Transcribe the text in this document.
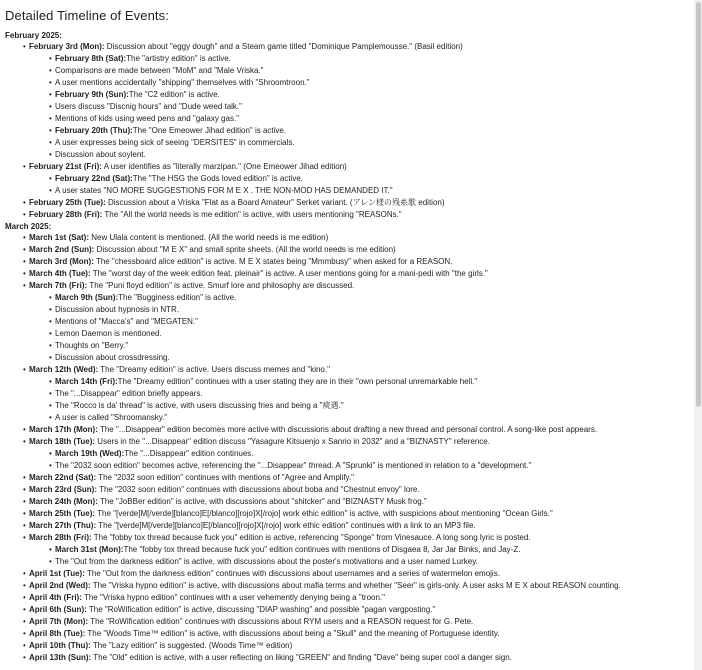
Detailed Timeline of Events:
February 2025:
• February 3rd (Mon): Discussion about "eggy dough" and a Steam game titled "Dominique Pamplemousse." (Basil edition)
• February 8th (Sat):The "artistry edition" is active.
• Comparisons are made between "MoM" and "Male Vriska."
• A user mentions accidentally "shipping" themselves with "Shroomtroon."
• February 9th (Sun):The "C2 edition" is active.
• Users discuss "Discnig hours" and "Dude weed talk."
• Mentions of kids using weed pens and "galaxy gas."
• February 20th (Thu):The "One Emeower Jihad edition" is active.
• A user expresses being sick of seeing "DERSITES" in commercials.
• Discussion about soylent.
• February 21st (Fri): A user identifies as "literally marzipan." (One Emeower Jihad edition)
• February 22nd (Sat):The "The HSG the Gods loved edition" is active.
• A user states "NO MORE SUGGESTIONS FOR M E X . THE NON-MOD HAS DEMANDED IT."
• February 25th (Tue): Discussion about a Vriska "Flat as a Board Amateur" Serket variant. (アレン様の残糸歌 edition)
• February 28th (Fri): The "All the world needs is me edition" is active, with users mentioning "REASONs."
March 2025:
• March 1st (Sat): New Ulala content is mentioned. (All the world needs is me edition)
• March 2nd (Sun): Discussion about "M E X" and small sprite sheets. (All the world needs is me edition)
• March 3rd (Mon): The "chessboard alice edition" is active. M E X states being "Mmmbusy" when asked for a REASON.
• March 4th (Tue): The "worst day of the week edition feat. pleinair" is active. A user mentions going for a mani-pedi with "the girls."
• March 7th (Fri): The "Puni floyd edition" is active. Smurf lore and philosophy are discussed.
• March 9th (Sun):The "Bugginess edition" is active.
• Discussion about hypnosis in NTR.
• Mentions of "Macca's" and "MEGATEN."
• Lemon Daemon is mentioned.
• Thoughts on "Berry."
• Discussion about crossdressing.
• March 12th (Wed): The "Dreamy edition" is active. Users discuss memes and "kino."
• March 14th (Fri):The "Dreamy edition" continues with a user stating they are in their "own personal unremarkable hell."
• The "...Disappear" edition briefly appears.
• The "Rocco is da' thread" is active, with users discussing fries and being a "痰遇."
• A user is called "Shroomansky."
• March 17th (Mon): The "...Disappear" edition becomes more active with discussions about drafting a new thread and personal control. A song-like post appears.
• March 18th (Tue): Users in the "...Disappear" edition discuss "Yasagure Kitsuenjo x Sanrio in 2032" and a "BIZNASTY" reference.
• March 19th (Wed):The "...Disappear" edition continues.
• The "2032 soon edition" becomes active, referencing the "...Disappear" thread. A "Sprunki" is mentioned in relation to a "development."
• March 22nd (Sat): The "2032 soon edition" continues with mentions of "Agree and Amplify."
• March 23rd (Sun): The "2032 soon edition" continues with discussions about boba and "Chestnut envoy" lore.
• March 24th (Mon): The "JoBBer edition" is active, with discussions about "shitcker" and "BIZNASTY Musk frog."
• March 25th (Tue): The "[verde]M[/verde][blanco]E[/blanco][rojo]X[/rojo] work ethic edition" is active, with suspicions about mentioning "Ocean Girls."
• March 27th (Thu): The "[verde]M[/verde][blanco]E[/blanco][rojo]X[/rojo] work ethic edition" continues with a link to an MP3 file.
• March 28th (Fri): The "fobby tox thread because fuck you" edition is active, referencing "Sponge" from Vinesauce. A long song lyric is posted.
• March 31st (Mon):The "fobby tox thread because fuck you" edition continues with mentions of Disgaea 8, Jar Jar Binks, and Jay-Z.
• The "Out from the darkness edition" is active, with discussions about the poster's motivations and a user named Lurkey.
• April 1st (Tue): The "Out from the darkness edition" continues with discussions about usernames and a series of watermelon emojis.
• April 2nd (Wed): The "Vriska hypno edition" is active, with discussions about mafia terms and whether "Seer" is girls-only. A user asks M E X about REASON counting.
• April 4th (Fri): The "Vriska hypno edition" continues with a user vehemently denying being a "troon."
• April 6th (Sun): The "RoWification edition" is active, discussing "DIAP washing" and possible "pagan vargposting."
• April 7th (Mon): The "RoWification edition" continues with discussions about RYM users and a REASON request for G. Pete.
• April 8th (Tue): The "Woods Time™ edition" is active, with discussions about being a "Skull" and the meaning of Portuguese identity.
• April 10th (Thu): The "Lazy edition" is suggested. (Woods Time™ edition)
• April 13th (Sun): The "Old" edition is active, with a user reflecting on liking "GREEN" and finding "Dave" being super cool a danger sign.
